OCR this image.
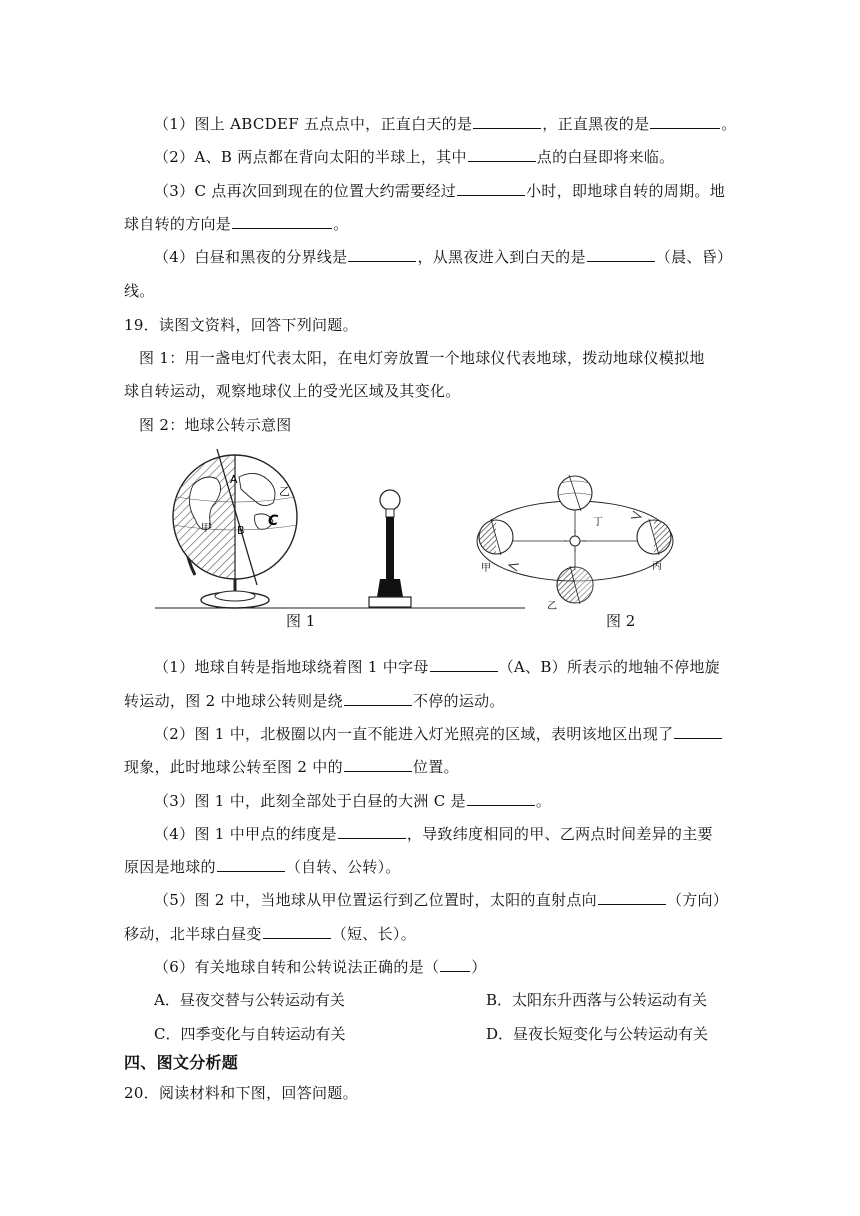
（1）图上 ABCDEF 五点点中，正直白天的是	，正直黑夜的是	。
（2）A、B 两点都在背向太阳的半球上，其中	点的白昼即将来临。
（3）C 点再次回到现在的位置大约需要经过	小时，即地球自转的周期。地
球自转的方向是	。
（4）白昼和黑夜的分界线是	，从黑夜进入到白天的是	（晨、昏）
线。
19．读图文资料，回答下列问题。
图 1：用一盏电灯代表太阳，在电灯旁放置一个地球仪代表地球，拨动地球仪模拟地
球自转运动，观察地球仪上的受光区域及其变化。
图 2：地球公转示意图
A
B
C
乙
甲
甲
乙
丙
丁
图 1	图 2
（1）地球自转是指地球绕着图 1 中字母	（A、B）所表示的地轴不停地旋
转运动，图 2 中地球公转则是绕	不停的运动。
（2）图 1 中，北极圈以内一直不能进入灯光照亮的区域，表明该地区出现了
现象，此时地球公转至图 2 中的	位置。
（3）图 1 中，此刻全部处于白昼的大洲 C 是	。
（4）图 1 中甲点的纬度是	，导致纬度相同的甲、乙两点时间差异的主要
原因是地球的	（自转、公转）。
（5）图 2 中，当地球从甲位置运行到乙位置时，太阳的直射点向	（方向）
移动，北半球白昼变	（短、长）。
（6）有关地球自转和公转说法正确的是（ ）
A．昼夜交替与公转运动有关	B．太阳东升西落与公转运动有关
C．四季变化与自转运动有关	D．昼夜长短变化与公转运动有关
四、图文分析题
20．阅读材料和下图，回答问题。
